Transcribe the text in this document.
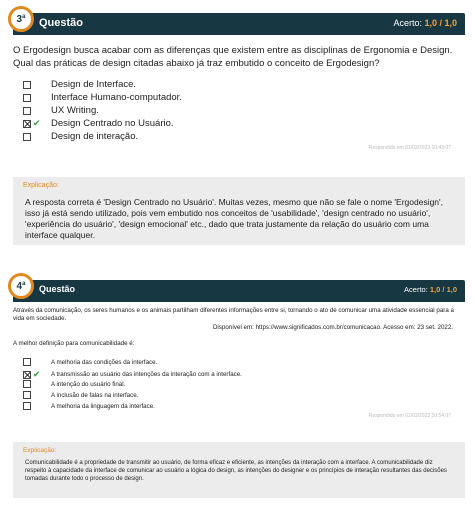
3$^a$ Questão	Acerto: 1,0 / 1,0
O Ergodesign busca acabar com as diferenças que existem entre as disciplinas de Ergonomia e Design. Qual das práticas de design citadas abaixo já traz embutido o conceito de Ergodesign?
Design de Interface.
Interface Humano-computador.
UX Writing.
✔ Design Centrado no Usuário.
Design de interação.
Respondido em 01/03/2023 10:43:07
Explicação:
A resposta correta é 'Design Centrado no Usuário'. Muitas vezes, mesmo que não se fale o nome 'Ergodesign', isso já está sendo utilizado, pois vem embutido nos conceitos de 'usabilidade', 'design centrado no usuário', 'experiência do usuário', 'design emocional' etc., dado que trata justamente da relação do usuário com uma interface qualquer.
4$^a$ Questão	Acerto: 1,0 / 1,0
Através da comunicação, os seres humanos e os animais partilham diferentes informações entre si, tornando o ato de comunicar uma atividade essencial para a vida em sociedade.
Disponível em: https://www.significados.com.br/comunicacao. Acesso em: 23 set. 2022.
A melhor definição para comunicabilidade é:
A melhoria das condições da interface.
✔	A transmissão ao usuário das intenções da interação com a interface.
A intenção do usuário final.
A inclusão de falas na interface.
A melhoria da linguagem da interface.
Respondido em 01/03/2023 10:54:07
Explicação:
Comunicabilidade é a propriedade de transmitir ao usuário, de forma eficaz e eficiente, as intenções da interação com a interface. A comunicabilidade diz respeito à capacidade da interface de comunicar ao usuário a lógica do design, as intenções do designer e os princípios de interação resultantes das decisões tomadas durante todo o processo de design.
